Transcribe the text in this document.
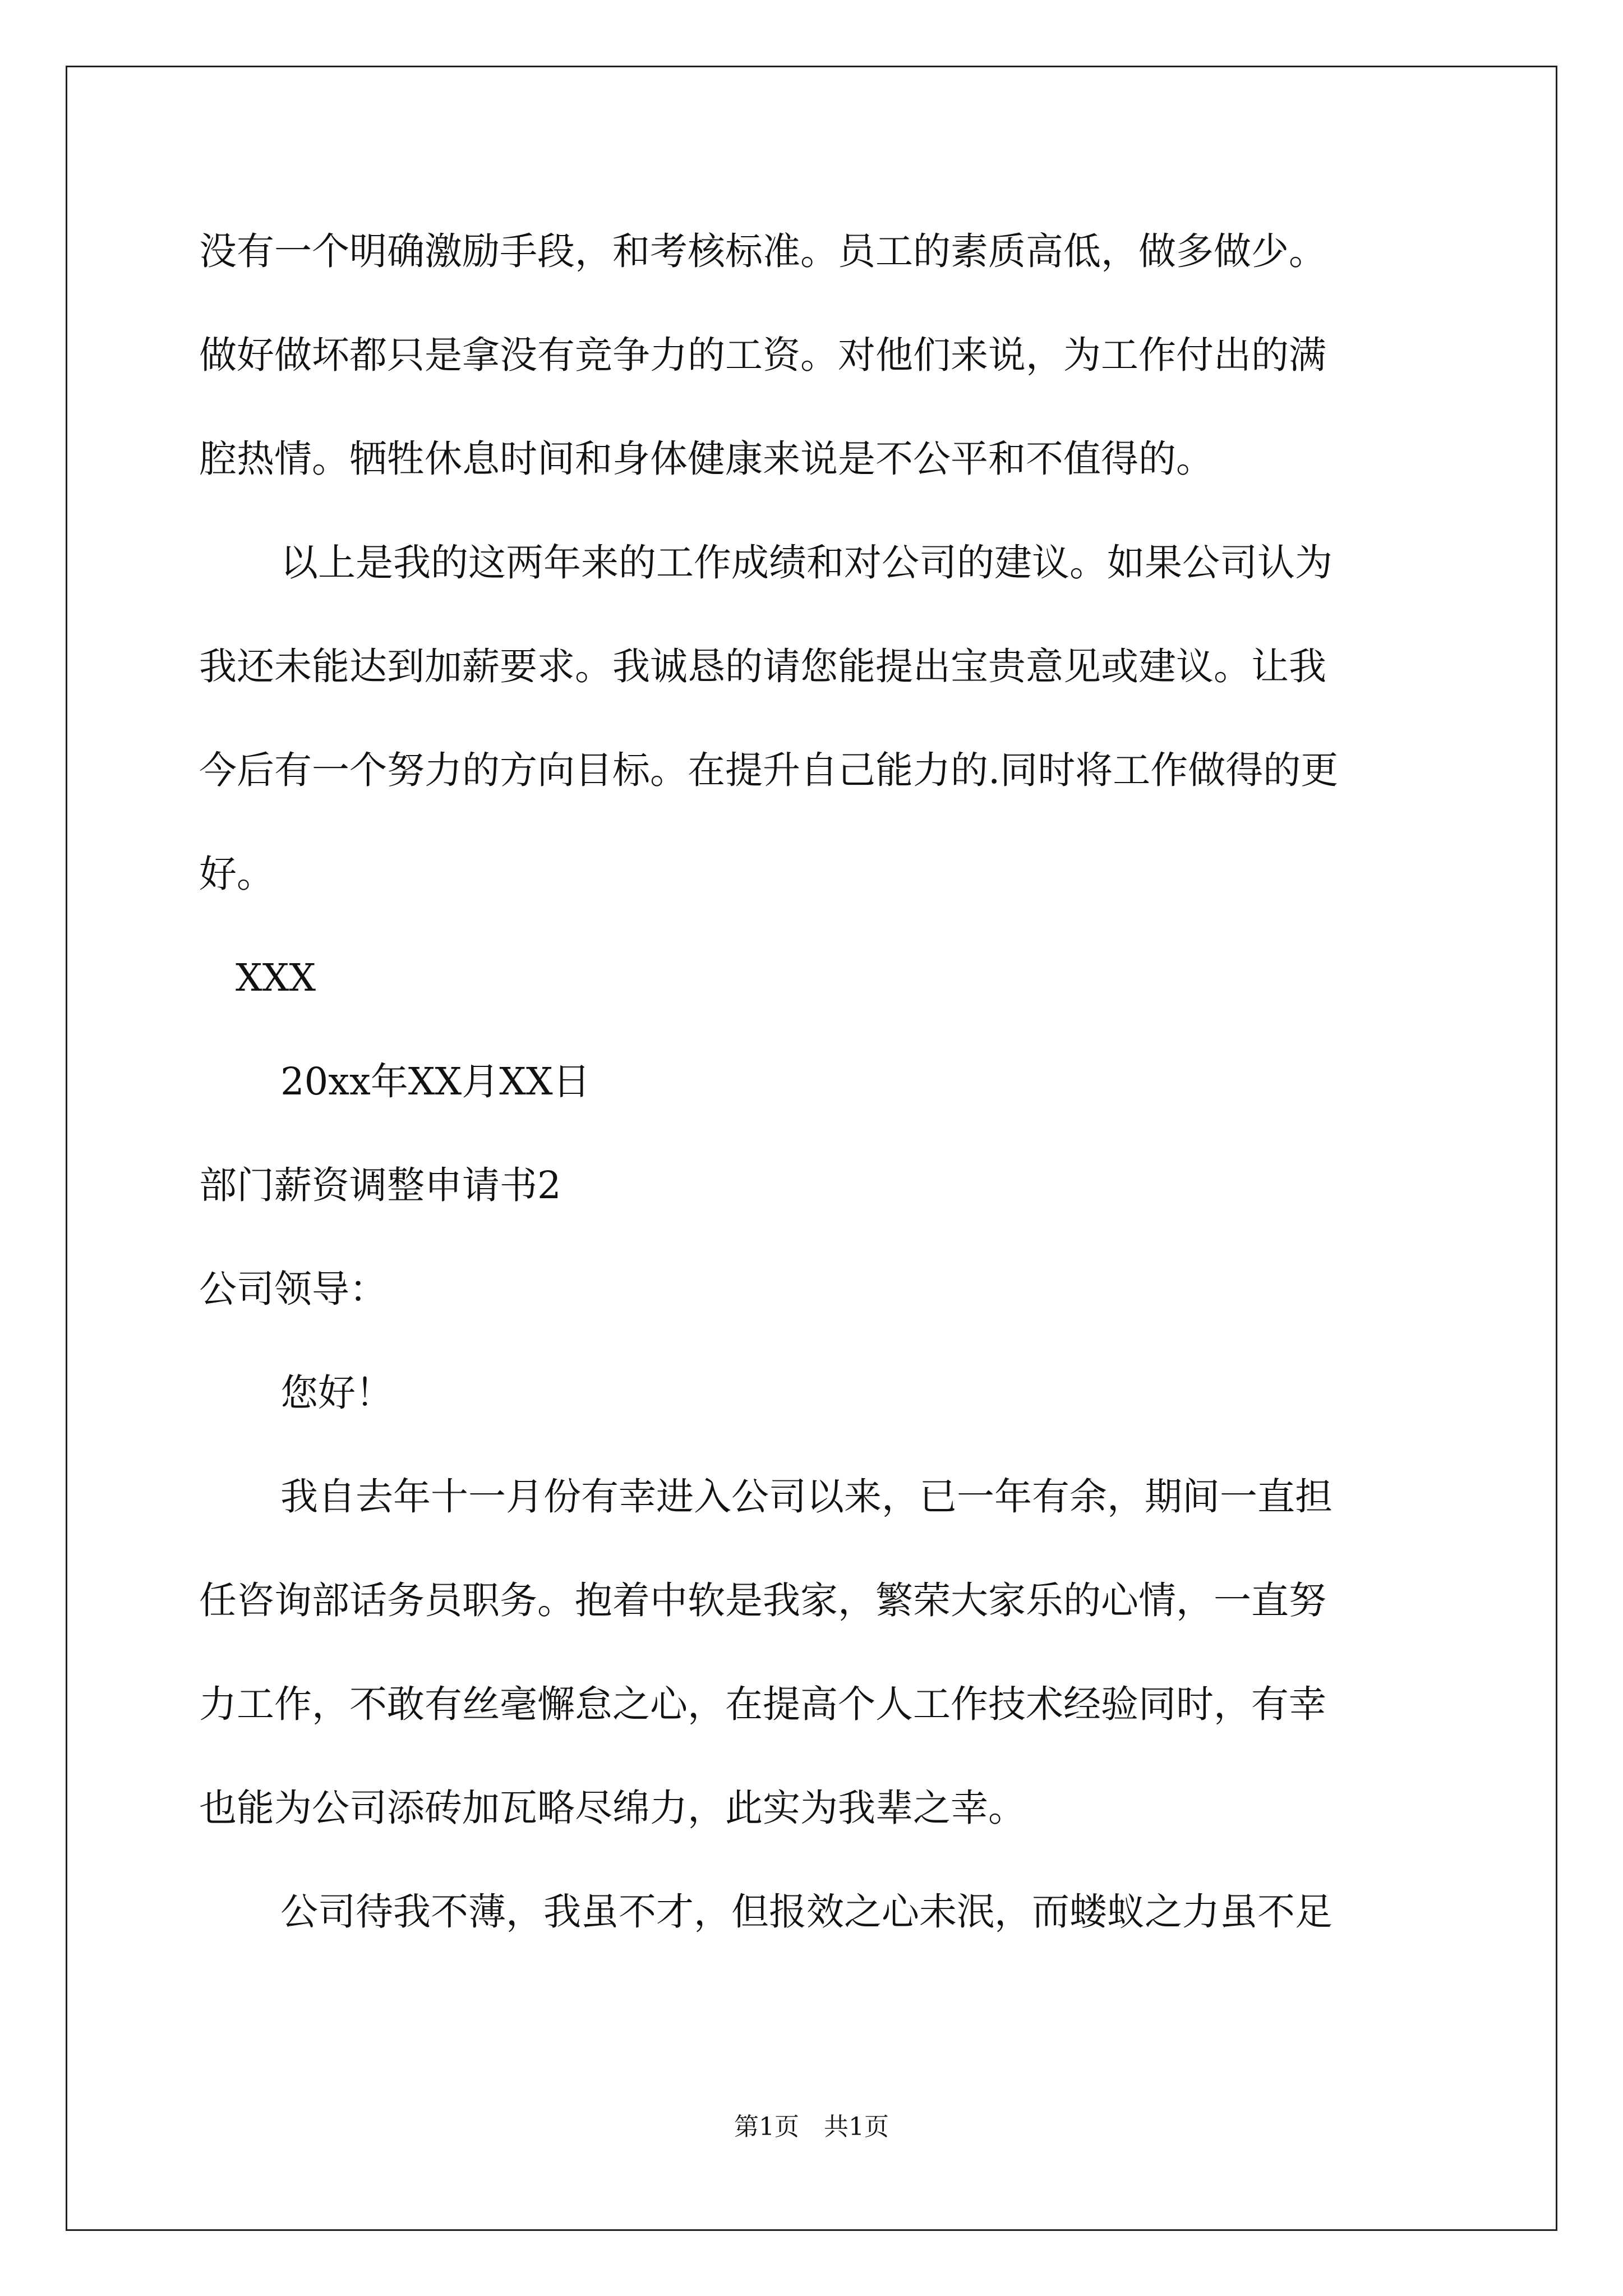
没有一个明确激励手段，和考核标准。员工的素质高低，做多做少。
做好做坏都只是拿没有竞争力的工资。对他们来说，为工作付出的满
腔热情。牺牲休息时间和身体健康来说是不公平和不值得的。
以上是我的这两年来的工作成绩和对公司的建议。如果公司认为
我还未能达到加薪要求。我诚恳的请您能提出宝贵意见或建议。让我
今后有一个努力的方向目标。在提升自己能力的.同时将工作做得的更
好。
XXX
20xx年XX月XX日
部门薪资调整申请书2
公司领导：
您好！
我自去年十一月份有幸进入公司以来，已一年有余，期间一直担
任咨询部话务员职务。抱着中软是我家，繁荣大家乐的心情，一直努
力工作，不敢有丝毫懈怠之心，在提高个人工作技术经验同时，有幸
也能为公司添砖加瓦略尽绵力，此实为我辈之幸。
公司待我不薄，我虽不才，但报效之心未泯，而蝼蚁之力虽不足
第1页 共1页
